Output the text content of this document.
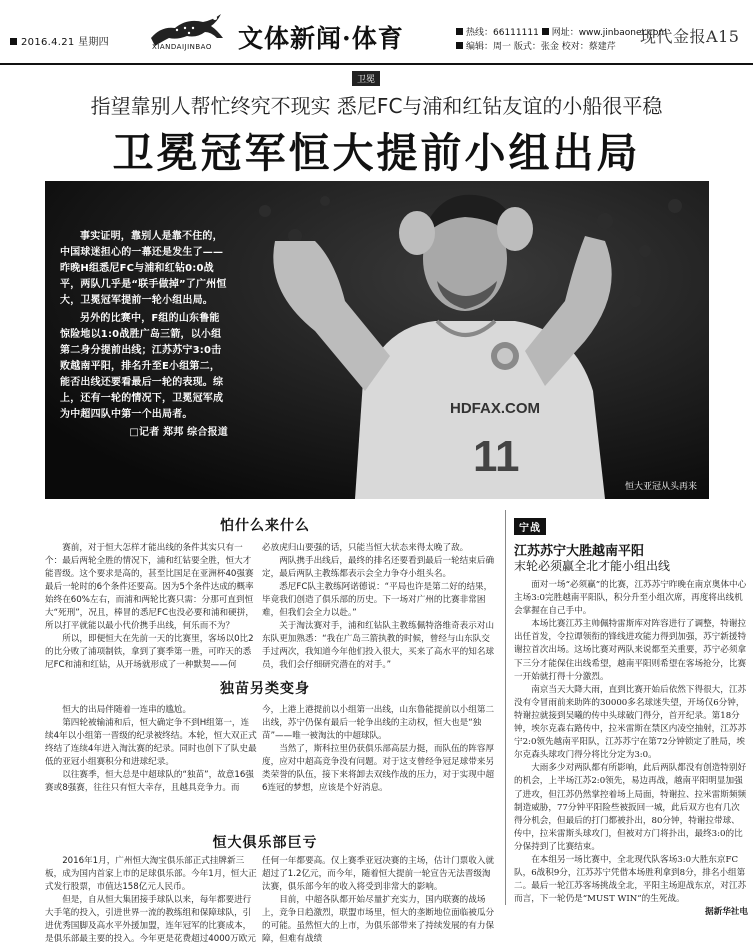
2016.4.21 星期四	XIANDAIJINBAO 文体新闻·体育	热线：66111111 网址：www.jinbaonet.com
编辑：周一 版式：张金 校对：蔡建芹
现代金报A15
卫冕
指望靠别人帮忙终究不现实 悉尼FC与浦和红钻友谊的小船很平稳
卫冕冠军恒大提前小组出局
HDFAX.COM
11
恒大亚冠从头再来

事实证明，靠别人是靠不住的，中国球迷担心的一幕还是发生了——昨晚H组悉尼FC与浦和红钻0:0战平，两队几乎是“联手做掉”了广州恒大，卫冕冠军提前一轮小组出局。

另外的比赛中，F组的山东鲁能惊险地以1:0战胜广岛三箭，以小组第二身分提前出线；江苏苏宁3:0击败越南平阳，排名升至E小组第二，能否出线还要看最后一轮的表现。综上，还有一轮的情况下，卫冕冠军成为中超四队中第一个出局者。

□记者 郑邦 综合报道
怕什么来什么

赛前，对于恒大怎样才能出线的条件其实只有一个：最后两轮全胜的情况下，浦和红钻要全胜，恒大才能晋级。这个要求是高的，甚至比国足在亚洲杯40强赛最后一轮时的6个条件还要高。因为5个条件达成的概率始终在60%左右，而浦和两轮比赛只需：分那可直到恒大“死刑”，况且，棒冒的悉尼FC也没必要和浦和硬拼，所以打平就能以最小代价携手出线，何乐而不为？

所以，即便恒大在先前一天的比赛里，客场以0比2的比分败了浦项制铁，拿到了赛季第一胜，可昨天的悉尼FC和浦和红钻，从开场就形成了一种默契——何

必放虎归山要强的话，只能当恒大状态来得太晚了敌。

两队携手出线后，最终的排名还要看到最后一轮结束后确定，最后两队主教练都表示会全力争夺小组头名。

悉尼FC队主教练阿诺德说：“平局也许是第二好的结果，毕竟我们创造了俱乐部的历史。下一场对广州的比赛非常困难，但我们会全力以赴。”

关于淘汰赛对手，浦和红钻队主教练佩特洛维奇表示对山东队更加熟悉：“我在广岛三箭执教的时候，曾经与山东队交手过两次，我知道今年他们投入很大，买来了高水平的知名球员，我们会仔细研究潜在的对手。”

独苗另类变身

恒大的出局伴随着一连串的尴尬。

第四轮被输浦和后，恒大确定争不到H组第一，连续4年以小组第一晋级的纪录被终结。本轮，恒大双正式终结了连续4年进入淘汰赛的纪录。同时也创下了队史最低的亚冠小组赛积分和进球纪录。

以往赛季，恒大总是中超球队的“独苗”，故意16强赛或8强赛，往往只有恒大幸存，且越具竞争力。而

今，上港上港提前以小组第一出线，山东鲁能提前以小组第二出线，苏宁仍保有最后一轮争出线的主动权，恒大也是“独苗”——唯一被淘汰的中超球队。

当然了，斯科拉里仍获俱乐部高层力挺，而队伍的阵容厚度，应对中超高竞争没有问题。对于这支曾经争冠足球带来另类荣誉的队伍，接下来将卸去双线作战的压力，对于实现中超6连冠的梦想，应该是个好消息。

恒大俱乐部巨亏

2016年1月，广州恒大淘宝俱乐部正式挂牌新三板，成为国内首家上市的足球俱乐部。今年1月，恒大正式发行股票，市值达158亿元人民币。

但是，自从恒大集团接手球队以来，每年都要进行大手笔的投入，引进世界一流的教练组和保障球队，引进优秀国脚及高水平外援加盟，连年冠军的比赛成本，是俱乐部最主要的投入。今年更是花费超过4000万欧元

任何一年都要高。仅上赛季亚冠决赛的主场，估计门票收入就超过了1.2亿元，而今年，随着恒大提前一轮宣告无法晋级淘汰赛，俱乐部今年的收入将受到非常大的影响。

目前，中超各队都开始尽量扩充实力，国内联赛的战场上，竞争日趋激烈，联盟市场里，恒大的垄断地位面临被瓜分的可能。虽然恒大的上市，为俱乐部带来了持续发展的有力保障，但难有战绩

宁战
江苏苏宁大胜越南平阳
末轮必须赢全北才能小组出线

面对一场“必须赢”的比赛，江苏苏宁昨晚在南京奥体中心主场3:0完胜越南平阳队，积分升至小组次席，再度将出线机会掌握在自己手中。

本场比赛江苏主帅佩特雷斯库对阵容进行了调整，特谢拉出任首发，令拉谭领衔的锋线进攻能力得到加强，苏宁新援特谢拉首次出场。这场比赛对两队来说都至关重要，苏宁必须拿下三分才能保住出线希望，越南平阳则希望在客场抢分，比赛一开始就打得十分激烈。

南京当天大降大雨，直到比赛开始后依然下得很大，江苏没有令冒雨前来助阵的30000多名球迷失望，开场仅6分钟，特谢拉就接到吴曦的传中头球破门得分，首开纪录。第18分钟，埃尔克森右路传中，拉米雷斯在禁区内凌空抽射，江苏苏宁2:0领先越南平阳队，江苏苏宁在第72分钟锁定了胜局，埃尔克森头球攻门得分将比分定为3:0。

大雨多少对两队都有所影响，此后两队都没有创造特别好的机会，上半场江苏2:0领先，易边再战，越南平阳明显加强了进攻，但江苏仍然掌控着场上局面，特谢拉、拉米雷斯频频制造威胁，77分钟平阳险些被扳回一城，此后双方也有几次得分机会，但最后的打门都被扑出，80分钟，特谢拉带球、传中，拉米雷斯头球攻门，但被对方门将扑出，最终3:0的比分保持到了比赛结束。

在本组另一场比赛中，全北现代队客场3:0大胜东京FC队，6战积9分，江苏苏宁凭借本场胜利拿到8分，排名小组第二。最后一轮江苏客场挑战全北，平阳主场迎战东京，对江苏而言，下一轮仍是“MUST WIN”的生死战。

据新华社电
